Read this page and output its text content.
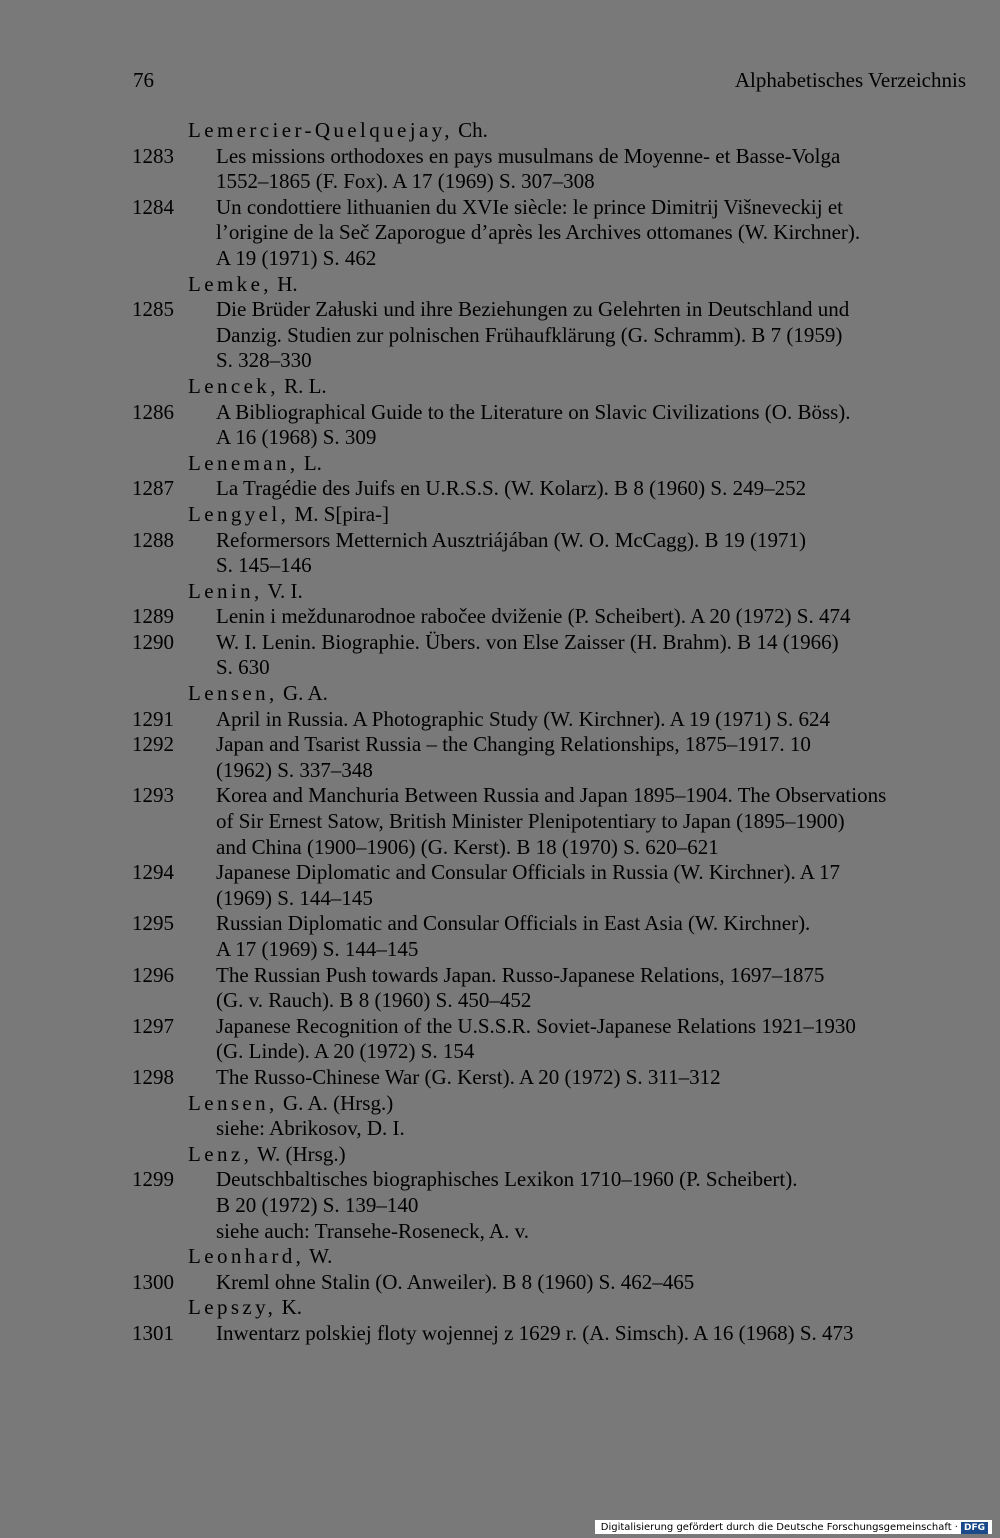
76	Alphabetisches Verzeichnis
Lemercier-Quelquejay, Ch.
1283 Les missions orthodoxes en pays musulmans de Moyenne- et Basse-Volga
1552–1865 (F. Fox). A 17 (1969) S. 307–308
1284 Un condottiere lithuanien du XVIe siècle: le prince Dimitrij Višneveckij et
l’origine de la Seč Zaporogue d’après les Archives ottomanes (W. Kirchner).
A 19 (1971) S. 462
Lemke, H.
1285 Die Brüder Załuski und ihre Beziehungen zu Gelehrten in Deutschland und
Danzig. Studien zur polnischen Frühaufklärung (G. Schramm). B 7 (1959)
S. 328–330
Lencek, R. L.
1286 A Bibliographical Guide to the Literature on Slavic Civilizations (O. Böss).
A 16 (1968) S. 309
Leneman, L.
1287 La Tragédie des Juifs en U.R.S.S. (W. Kolarz). B 8 (1960) S. 249–252
Lengyel, M. S[pira-]
1288 Reformersors Metternich Ausztriájában (W. O. McCagg). B 19 (1971)
S. 145–146
Lenin, V. I.
1289 Lenin i meždunarodnoe rabočee dviženie (P. Scheibert). A 20 (1972) S. 474
1290 W. I. Lenin. Biographie. Übers. von Else Zaisser (H. Brahm). B 14 (1966)
S. 630
Lensen, G. A.
1291 April in Russia. A Photographic Study (W. Kirchner). A 19 (1971) S. 624
1292 Japan and Tsarist Russia – the Changing Relationships, 1875–1917. 10
(1962) S. 337–348
1293 Korea and Manchuria Between Russia and Japan 1895–1904. The Observations
of Sir Ernest Satow, British Minister Plenipotentiary to Japan (1895–1900)
and China (1900–1906) (G. Kerst). B 18 (1970) S. 620–621
1294 Japanese Diplomatic and Consular Officials in Russia (W. Kirchner). A 17
(1969) S. 144–145
1295 Russian Diplomatic and Consular Officials in East Asia (W. Kirchner).
A 17 (1969) S. 144–145
1296 The Russian Push towards Japan. Russo-Japanese Relations, 1697–1875
(G. v. Rauch). B 8 (1960) S. 450–452
1297 Japanese Recognition of the U.S.S.R. Soviet-Japanese Relations 1921–1930
(G. Linde). A 20 (1972) S. 154
1298 The Russo-Chinese War (G. Kerst). A 20 (1972) S. 311–312
Lensen, G. A. (Hrsg.)
siehe: Abrikosov, D. I.
Lenz, W. (Hrsg.)
1299 Deutschbaltisches biographisches Lexikon 1710–1960 (P. Scheibert).
B 20 (1972) S. 139–140
siehe auch: Transehe-Roseneck, A. v.
Leonhard, W.
1300 Kreml ohne Stalin (O. Anweiler). B 8 (1960) S. 462–465
Lepszy, K.
1301 Inwentarz polskiej floty wojennej z 1629 r. (A. Simsch). A 16 (1968) S. 473
Digitalisierung gefördert durch die Deutsche Forschungsgemeinschaft · DFG
